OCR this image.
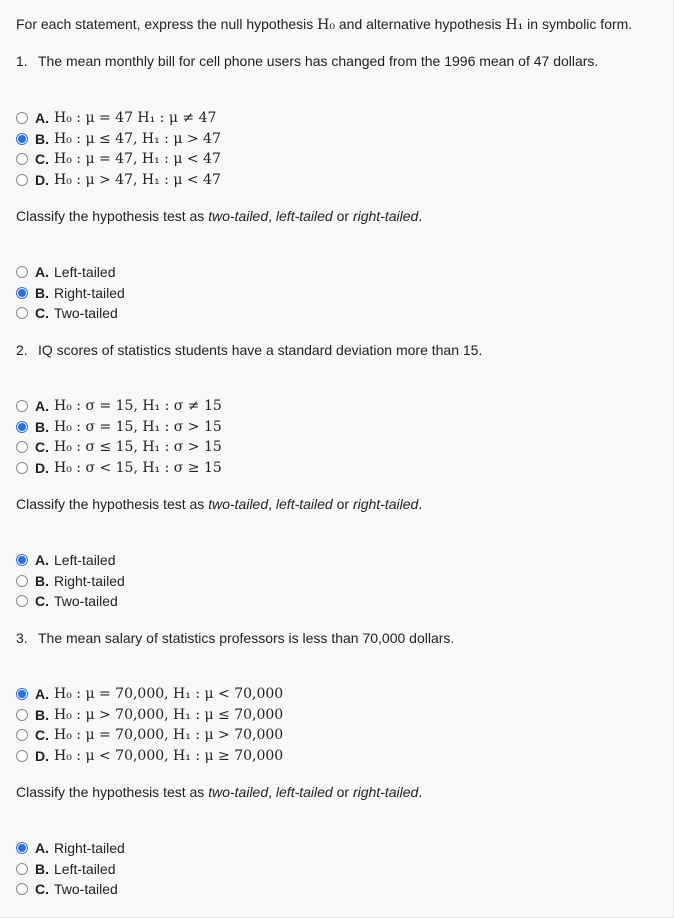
For each statement, express the null hypothesis H₀ and alternative hypothesis H₁ in symbolic form.
1. The mean monthly bill for cell phone users has changed from the 1996 mean of 47 dollars.
A. H₀ : μ = 47 H₁ : μ ≠ 47
B. H₀ : μ ≤ 47, H₁ : μ > 47
C. H₀ : μ = 47, H₁ : μ < 47
D. H₀ : μ > 47, H₁ : μ < 47
Classify the hypothesis test as two-tailed, left-tailed or right-tailed.
A. Left-tailed
B. Right-tailed
C. Two-tailed
2. IQ scores of statistics students have a standard deviation more than 15.
A. H₀ : σ = 15, H₁ : σ ≠ 15
B. H₀ : σ = 15, H₁ : σ > 15
C. H₀ : σ ≤ 15, H₁ : σ > 15
D. H₀ : σ < 15, H₁ : σ ≥ 15
Classify the hypothesis test as two-tailed, left-tailed or right-tailed.
A. Left-tailed
B. Right-tailed
C. Two-tailed
3. The mean salary of statistics professors is less than 70,000 dollars.
A. H₀ : μ = 70,000, H₁ : μ < 70,000
B. H₀ : μ > 70,000, H₁ : μ ≤ 70,000
C. H₀ : μ = 70,000, H₁ : μ > 70,000
D. H₀ : μ < 70,000, H₁ : μ ≥ 70,000
Classify the hypothesis test as two-tailed, left-tailed or right-tailed.
A. Right-tailed
B. Left-tailed
C. Two-tailed
